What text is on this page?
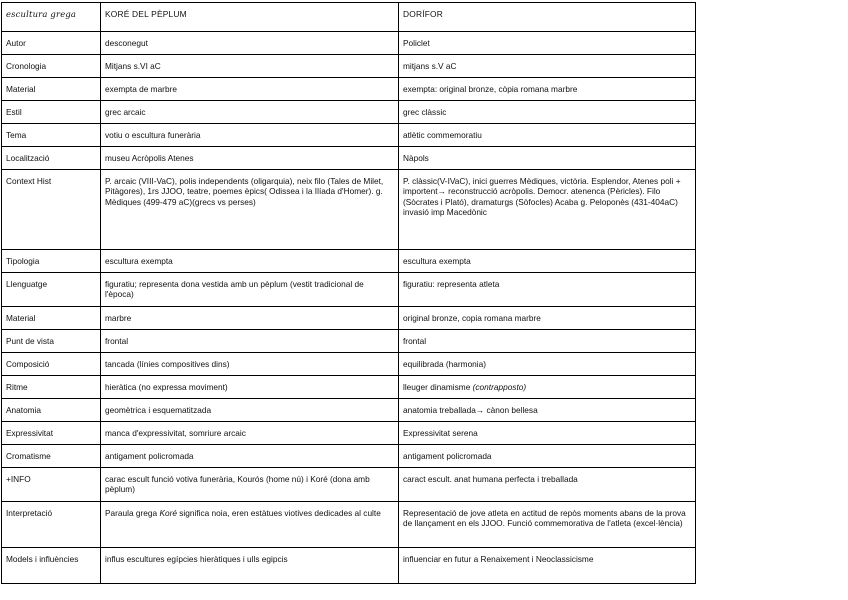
escultura grega	KORÉ DEL PÈPLUM	DORÍFOR
Autor	desconegut	Policlet
Cronologia	Mitjans s.VI aC	mitjans s.V aC
Material	exempta de marbre	exempta: original bronze, còpia romana marbre
Estil	grec arcaic	grec clàssic
Tema	votiu o escultura funerària	atlètic commemoratiu
Localització	museu Acròpolis Atenes	Nàpols
Context Hist	P. arcaic (VIII-VaC), polis independents (oligarquia), neix filo (Tales de Milet, Pitàgores), 1rs JJOO, teatre, poemes èpics( Odissea i la Ilíada d'Homer). g. Mèdiques (499-479 aC)(grecs vs perses)	P. clàssic(V-IVaC), inici guerres Mèdiques, victòria. Esplendor, Atenes poli + importent→ reconstrucció acròpolis. Democr. atenenca (Pèricles). Filo (Sòcrates i Plató), dramaturgs (Sòfocles) Acaba g. Peloponès (431-404aC) invasió imp Macedònic
Tipologia	escultura exempta	escultura exempta
Llenguatge	figuratiu; representa dona vestida amb un pèplum (vestit tradicional de l'època)	figuratiu: representa atleta
Material	marbre	original bronze, copia romana marbre
Punt de vista	frontal	frontal
Composició	tancada (línies compositives dins)	equilibrada (harmonia)
Ritme	hieràtica (no expressa moviment)	lleuger dinamisme (contrapposto)
Anatomia	geomètrica i esquematitzada	anatomia treballada→ cànon bellesa
Expressivitat	manca d'expressivitat, somriure arcaic	Expressivitat serena
Cromatisme	antigament policromada	antigament policromada
+INFO	carac escult funció votiva funerària, Kourós (home nú) i Koré (dona amb pèplum)	caract escult. anat humana perfecta i treballada
Interpretació	Paraula grega Koré significa noia, eren estàtues viotives dedicades al culte	Representació de jove atleta en actitud de repòs moments abans de la prova de llançament en els JJOO. Funció commemorativa de l'atleta (excel·lència)
Models i influències	influs escultures egípcies hieràtiques i ulls egipcis	influenciar en futur a Renaixement i Neoclassicisme
